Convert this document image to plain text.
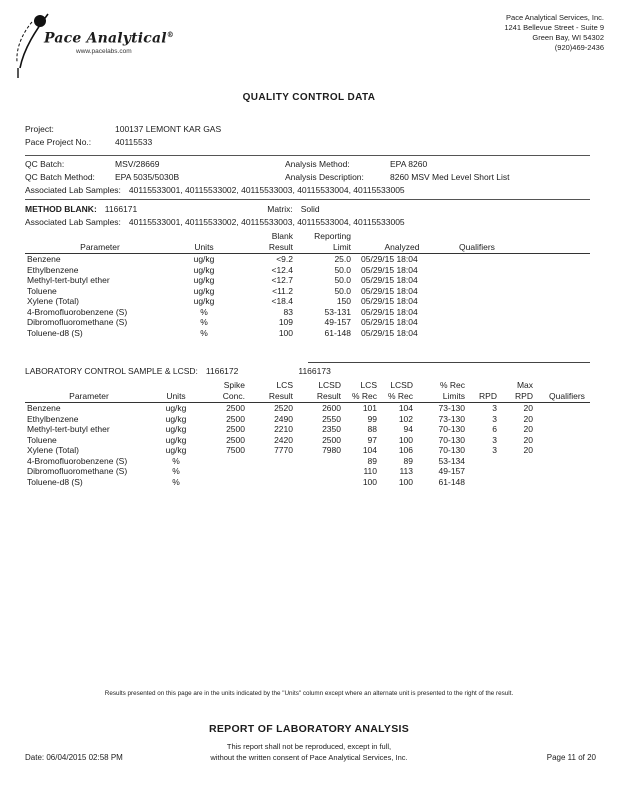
Pace Analytical®
www.pacelabs.com
Pace Analytical Services, Inc.
1241 Bellevue Street - Suite 9
Green Bay, WI 54302
(920)469-2436
QUALITY CONTROL DATA
Project:	100137 LEMONT KAR GAS
Pace Project No.:	40115533
QC Batch:	MSV/28669	Analysis Method:	EPA 8260
QC Batch Method:	EPA 5035/5030B	Analysis Description:	8260 MSV Med Level Short List
Associated Lab Samples: 40115533001, 40115533002, 40115533003, 40115533004, 40115533005
METHOD BLANK: 1166171	Matrix: Solid
Associated Lab Samples: 40115533001, 40115533002, 40115533003, 40115533004, 40115533005
		Blank	Reporting		
Parameter	Units	Result	Limit	Analyzed	Qualifiers
Benzene	ug/kg	<9.2	25.0	05/29/15 18:04	
Ethylbenzene	ug/kg	<12.4	50.0	05/29/15 18:04	
Methyl-tert-butyl ether	ug/kg	<12.7	50.0	05/29/15 18:04	
Toluene	ug/kg	<11.2	50.0	05/29/15 18:04	
Xylene (Total)	ug/kg	<18.4	150	05/29/15 18:04	
4-Bromofluorobenzene (S)	%	83	53-131	05/29/15 18:04	
Dibromofluoromethane (S)	%	109	49-157	05/29/15 18:04	
Toluene-d8 (S)	%	100	61-148	05/29/15 18:04	
LABORATORY CONTROL SAMPLE & LCSD: 1166172	1166173
		Spike	LCS	LCSD	LCS	LCSD	% Rec		Max	
Parameter	Units	Conc.	Result	Result	% Rec	% Rec	Limits	RPD	RPD	Qualifiers
Benzene	ug/kg	2500	2520	2600	101	104	73-130	3	20	
Ethylbenzene	ug/kg	2500	2490	2550	99	102	73-130	3	20	
Methyl-tert-butyl ether	ug/kg	2500	2210	2350	88	94	70-130	6	20	
Toluene	ug/kg	2500	2420	2500	97	100	70-130	3	20	
Xylene (Total)	ug/kg	7500	7770	7980	104	106	70-130	3	20	
4-Bromofluorobenzene (S)	%				89	89	53-134			
Dibromofluoromethane (S)	%				110	113	49-157			
Toluene-d8 (S)	%				100	100	61-148			
Results presented on this page are in the units indicated by the "Units" column except where an alternate unit is presented to the right of the result.
REPORT OF LABORATORY ANALYSIS
This report shall not be reproduced, except in full,
Date: 06/04/2015 02:58 PM	without the written consent of Pace Analytical Services, Inc.	Page 11 of 20
